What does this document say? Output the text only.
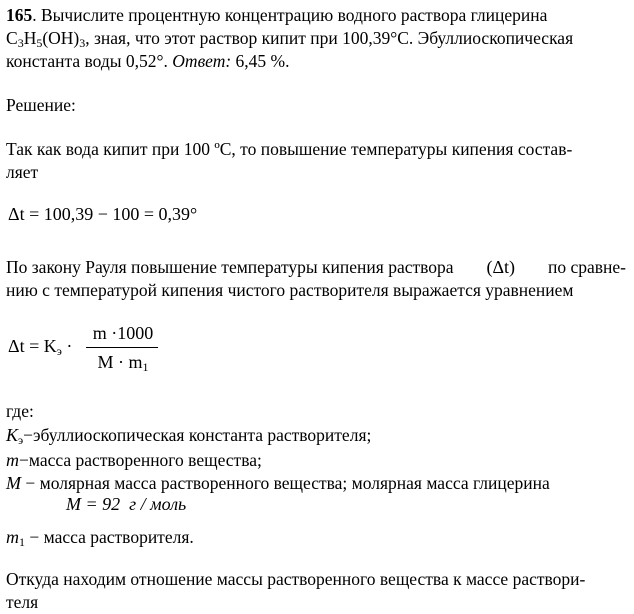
165. Вычислите процентную концентрацию водного раствора глицерина
$C_3H_5(OH)_3$, зная, что этот раствор кипит при 100,39°С. Эбуллиоскопическая
константа воды 0,52°. Ответ: 6,45 %.
Решение:
Так как вода кипит при 100 ºС, то повышение температуры кипения состав-
ляет
Δt = 100,39 − 100 = 0,39°
По закону Рауля повышение температуры кипения раствора (Δt) по сравне-
нию с температурой кипения чистого растворителя выражается уравнением
$\Delta t = K_э$ ·
m ·1000
$M \cdot m_1$
где:
$K_э-эбуллиоскопическая$ константа растворителя;
m−масса растворенного вещества;
M − молярная масса растворенного вещества; молярная масса глицерина
M = 92 г / моль
$m_1$ − масса растворителя.
Откуда находим отношение массы растворенного вещества к массе раствори-
теля
